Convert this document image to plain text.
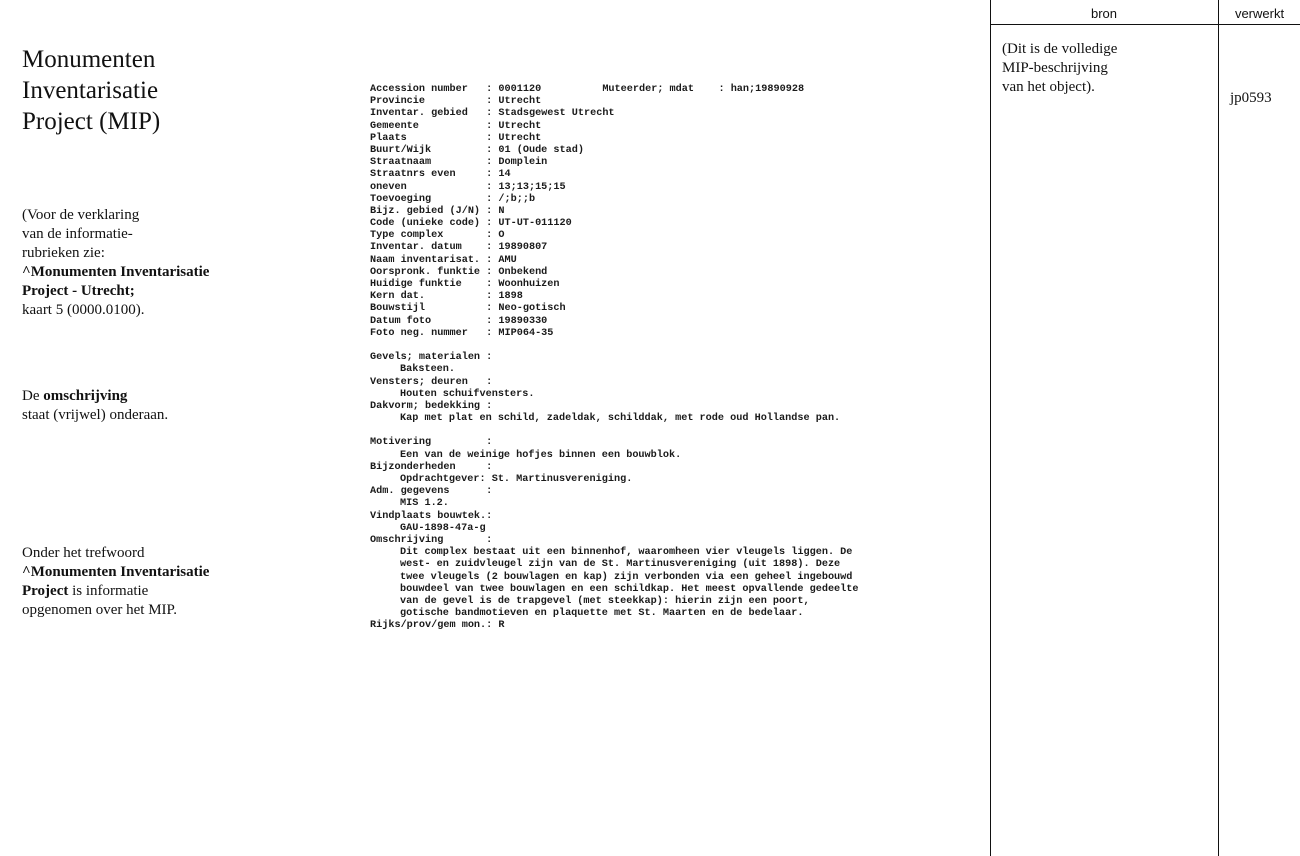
Monumenten
Inventarisatie
Project (MIP)
(Voor de verklaring
van de informatie-
rubrieken zie:
^Monumenten Inventarisatie
Project - Utrecht;
kaart 5 (0000.0100).
De omschrijving
staat (vrijwel) onderaan.
Onder het trefwoord
^Monumenten Inventarisatie
Project is informatie
opgenomen over het MIP.
Accession number   : 0001120          Muteerder; mdat    : han;19890928
Provincie          : Utrecht
Inventar. gebied   : Stadsgewest Utrecht
Gemeente           : Utrecht
Plaats             : Utrecht
Buurt/Wijk         : 01 (Oude stad)
Straatnaam         : Domplein
Straatnrs even     : 14
oneven             : 13;13;15;15
Toevoeging         : /;b;;b
Bijz. gebied (J/N) : N
Code (unieke code) : UT-UT-011120
Type complex       : O
Inventar. datum    : 19890807
Naam inventarisat. : AMU
Oorspronk. funktie : Onbekend
Huidige funktie    : Woonhuizen
Kern dat.          : 1898
Bouwstijl          : Neo-gotisch
Datum foto         : 19890330
Foto neg. nummer   : MIP064-35
Gevels; materialen :
Baksteen.
Vensters; deuren   :
Houten schuifvensters.
Dakvorm; bedekking :
Kap met plat en schild, zadeldak, schilddak, met rode oud Hollandse pan.
Motivering         :
Een van de weinige hofjes binnen een bouwblok.
Bijzonderheden     :
Opdrachtgever: St. Martinusvereniging.
Adm. gegevens      :
MIS 1.2.
Vindplaats bouwtek.:
GAU-1898-47a-g
Omschrijving       :
Dit complex bestaat uit een binnenhof, waaromheen vier vleugels liggen. De
west- en zuidvleugel zijn van de St. Martinusvereniging (uit 1898). Deze
twee vleugels (2 bouwlagen en kap) zijn verbonden via een geheel ingebouwd
bouwdeel van twee bouwlagen en een schildkap. Het meest opvallende gedeelte
van de gevel is de trapgevel (met steekkap): hierin zijn een poort,
gotische bandmotieven en plaquette met St. Maarten en de bedelaar.
Rijks/prov/gem mon.: R
bron	verwerkt
(Dit is de volledige
MIP-beschrijving
van het object).
jp0593
